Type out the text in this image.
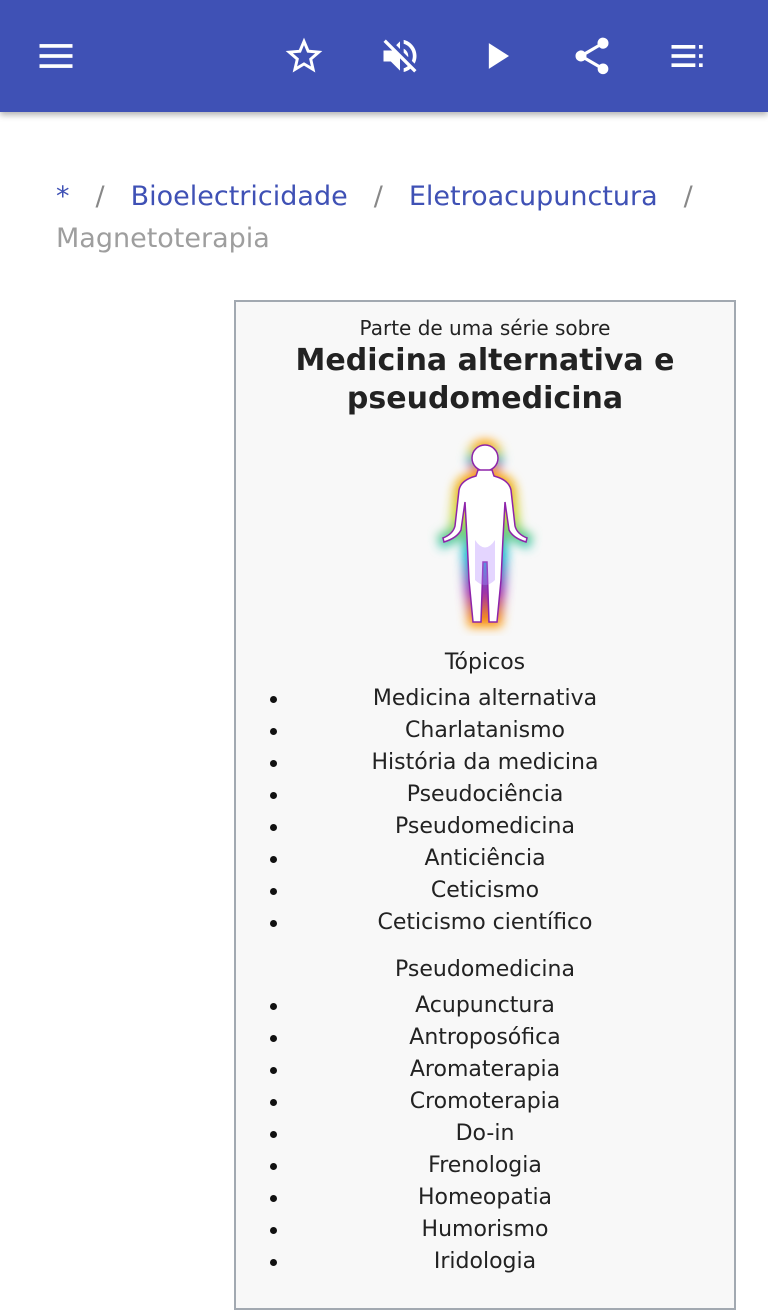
* / Bioelectricidade / Eletroacupunctura /
Magnetoterapia
Parte de uma série sobre
Medicina alternativa e
pseudomedicina
Tópicos
Medicina alternativa
Charlatanismo
História da medicina
Pseudociência
Pseudomedicina
Anticiência
Ceticismo
Ceticismo científico
Pseudomedicina
Acupunctura
Antroposófica
Aromaterapia
Cromoterapia
Do-in
Frenologia
Homeopatia
Humorismo
Iridologia
